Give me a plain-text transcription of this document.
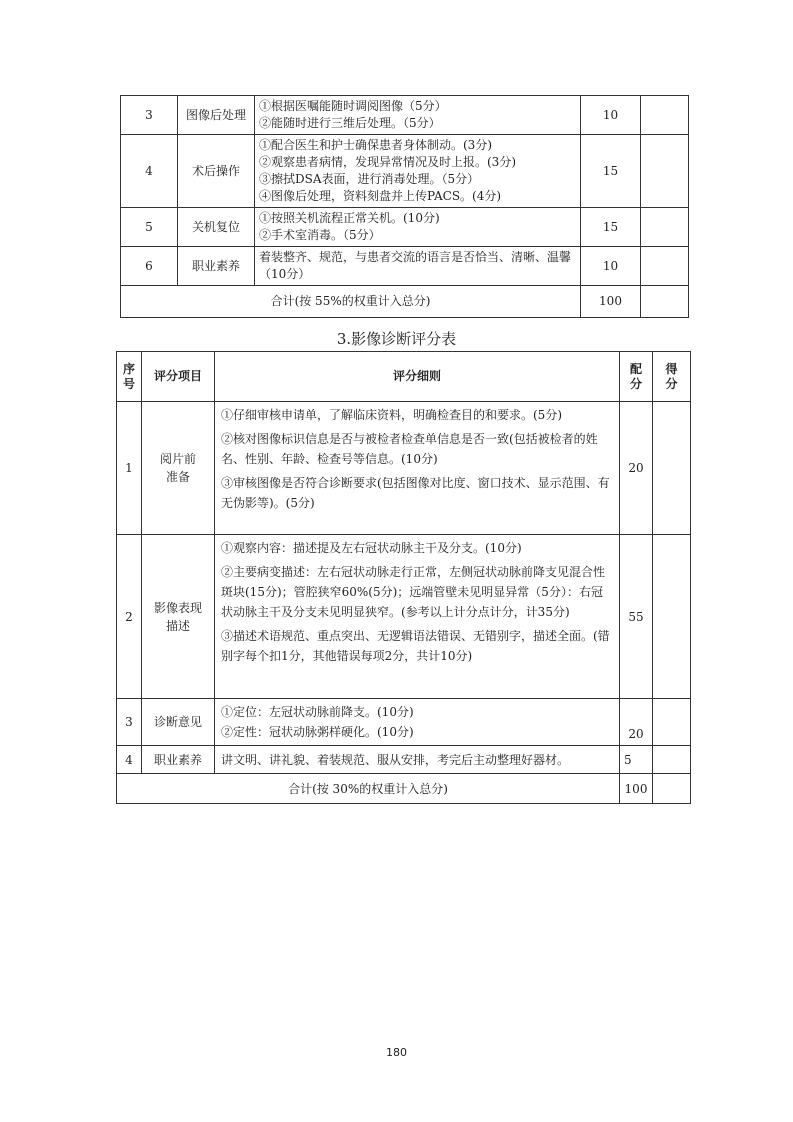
3	图像后处理	①根据医嘱能随时调阅图像（5分）
②能随时进行三维后处理。（5分）	10	
4	术后操作	①配合医生和护士确保患者身体制动。(3分)
②观察患者病情，发现异常情况及时上报。(3分)
③擦拭DSA表面，进行消毒处理。（5分）
④图像后处理，资料刻盘并上传PACS。(4分)	15	
5	关机复位	①按照关机流程正常关机。(10分)
②手术室消毒。（5分）	15	
6	职业素养	着装整齐、规范，与患者交流的语言是否恰当、清晰、温馨（10分）	10	
合计(按 55%的权重计入总分)			100	
3.影像诊断评分表
序号	评分项目	评分细则	配分	得分

1	阅片前准备	①仔细审核申请单，了解临床资料，明确检查目的和要求。(5分)

②核对图像标识信息是否与被检者检查单信息是否一致(包括被检者的姓名、性别、年龄、检查号等信息。(10分)

③审核图像是否符合诊断要求(包括图像对比度、窗口技术、显示范围、有无伪影等)。(5分)	20	
2	影像表现描述	①观察内容：描述提及左右冠状动脉主干及分支。(10分)

②主要病变描述：左右冠状动脉走行正常，左侧冠状动脉前降支见混合性斑块(15分)；管腔狭窄60%(5分)；远端管壁未见明显异常（5分）：右冠状动脉主干及分支未见明显狭窄。(参考以上计分点计分，计35分)

③描述术语规范、重点突出、无逻辑语法错误、无错别字，描述全面。(错别字每个扣1分，其他错误每项2分，共计10分)	55	
3	诊断意见	①定位：左冠状动脉前降支。(10分)

②定性：冠状动脉粥样硬化。(10分)	20	
4	职业素养	讲文明、讲礼貌、着装规范、服从安排，考完后主动整理好器材。	5	
合计(按 30%的权重计入总分)			100	
180
